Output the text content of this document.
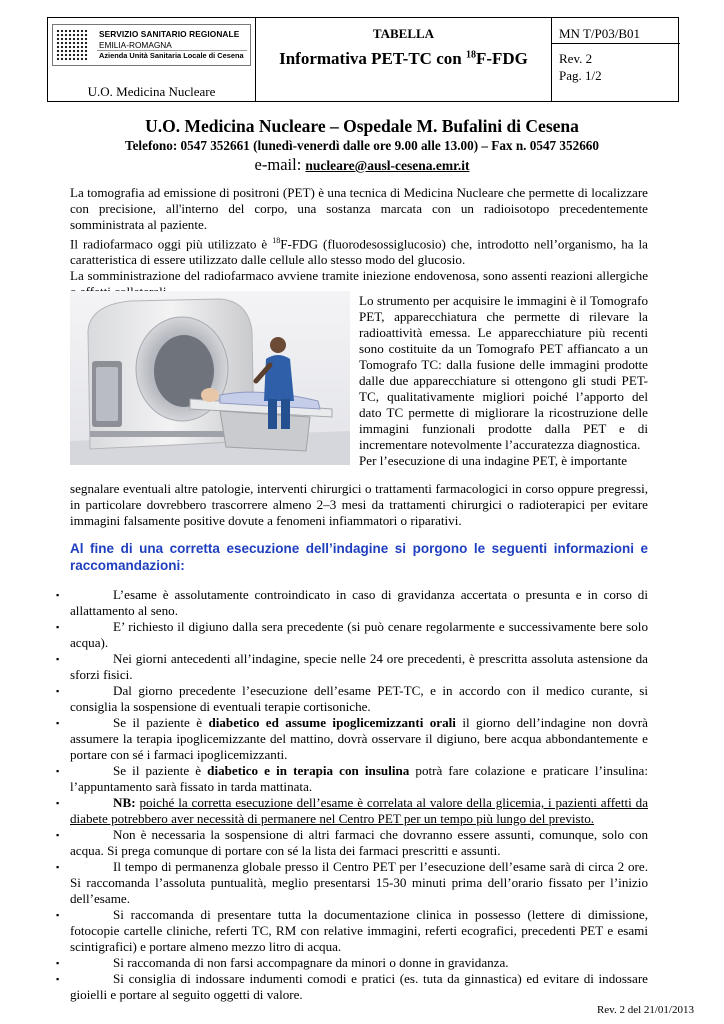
SERVIZIO SANITARIO REGIONALE
EMILIA-ROMAGNA
Azienda Unità Sanitaria Locale di Cesena
U.O. Medicina Nucleare
TABELLA
Informativa PET-TC con $^{18}$F-FDG
MN T/P03/B01
Rev. 2
Pag. 1/2
U.O. Medicina Nucleare – Ospedale M. Bufalini di Cesena
Telefono: 0547 352661 (lunedì-venerdì dalle ore 9.00 alle 13.00) – Fax n. 0547 352660
e-mail: nucleare@ausl-cesena.emr.it

La tomografia ad emissione di positroni (PET) è una tecnica di Medicina Nucleare che permette di localizzare con precisione, all'interno del corpo, una sostanza marcata con un radioisotopo precedentemente somministrata al paziente.

Il radiofarmaco oggi più utilizzato è $^{18}$F-FDG (fluorodesossiglucosio) che, introdotto nell’organismo, ha la caratteristica di essere utilizzato dalle cellule allo stesso modo del glucosio.

La somministrazione del radiofarmaco avviene tramite iniezione endovenosa, sono assenti reazioni allergiche

Lo strumento per acquisire le immagini è il Tomografo PET, apparecchiatura che permette di rilevare la radioattività emessa. Le apparecchiature più recenti sono costituite da un Tomografo PET affiancato a un Tomografo TC: dalla fusione delle immagini prodotte dalle due apparecchiature si ottengono gli studi PET-TC, qualitativamente migliori poiché l’apporto del dato TC permette di migliorare la ricostruzione delle immagini funzionali prodotte dalla PET e di incrementare notevolmente l’accuratezza diagnostica.

Per l’esecuzione di una indagine PET, è importante

segnalare eventuali altre patologie, interventi chirurgici o trattamenti farmacologici in corso oppure pregressi, in particolare dovrebbero trascorrere almeno 2–3 mesi da trattamenti chirurgici o radioterapici per evitare immagini falsamente positive dovute a fenomeni infiammatori o riparativi.

Al fine di una corretta esecuzione dell’indagine si porgono le seguenti informazioni e raccomandazioni:
▪	L’esame è assolutamente controindicato in caso di gravidanza accertata o presunta e in corso di allattamento al seno.
▪	E’ richiesto il digiuno dalla sera precedente (si può cenare regolarmente e successivamente bere solo acqua).
▪	Nei giorni antecedenti all’indagine, specie nelle 24 ore precedenti, è prescritta assoluta astensione da sforzi fisici.
▪	Dal giorno precedente l’esecuzione dell’esame PET-TC, e in accordo con il medico curante, si consiglia la sospensione di eventuali terapie cortisoniche.
▪	Se il paziente è diabetico ed assume ipoglicemizzanti orali il giorno dell’indagine non dovrà assumere la terapia ipoglicemizzante del mattino, dovrà osservare il digiuno, bere acqua abbondantemente e portare con sé i farmaci ipoglicemizzanti.
▪	Se il paziente è diabetico e in terapia con insulina potrà fare colazione e praticare l’insulina: l’appuntamento sarà fissato in tarda mattinata.
▪	NB: poiché la corretta esecuzione dell’esame è correlata al valore della glicemia, i pazienti affetti da diabete potrebbero aver necessità di permanere nel Centro PET per un tempo più lungo del previsto.
▪	Non è necessaria la sospensione di altri farmaci che dovranno essere assunti, comunque, solo con acqua. Si prega comunque di portare con sé la lista dei farmaci prescritti e assunti.
▪	Il tempo di permanenza globale presso il Centro PET per l’esecuzione dell’esame sarà di circa 2 ore. Si raccomanda l’assoluta puntualità, meglio presentarsi 15-30 minuti prima dell’orario fissato per l’inizio dell’esame.
▪	Si raccomanda di presentare tutta la documentazione clinica in possesso (lettere di dimissione, fotocopie cartelle cliniche, referti TC, RM con relative immagini, referti ecografici, precedenti PET e esami scintigrafici) e portare almeno mezzo litro di acqua.
▪	Si raccomanda di non farsi accompagnare da minori o donne in gravidanza.
▪	Si consiglia di indossare indumenti comodi e pratici (es. tuta da ginnastica) ed evitare di indossare gioielli e portare al seguito oggetti di valore.
Rev. 2 del 21/01/2013
